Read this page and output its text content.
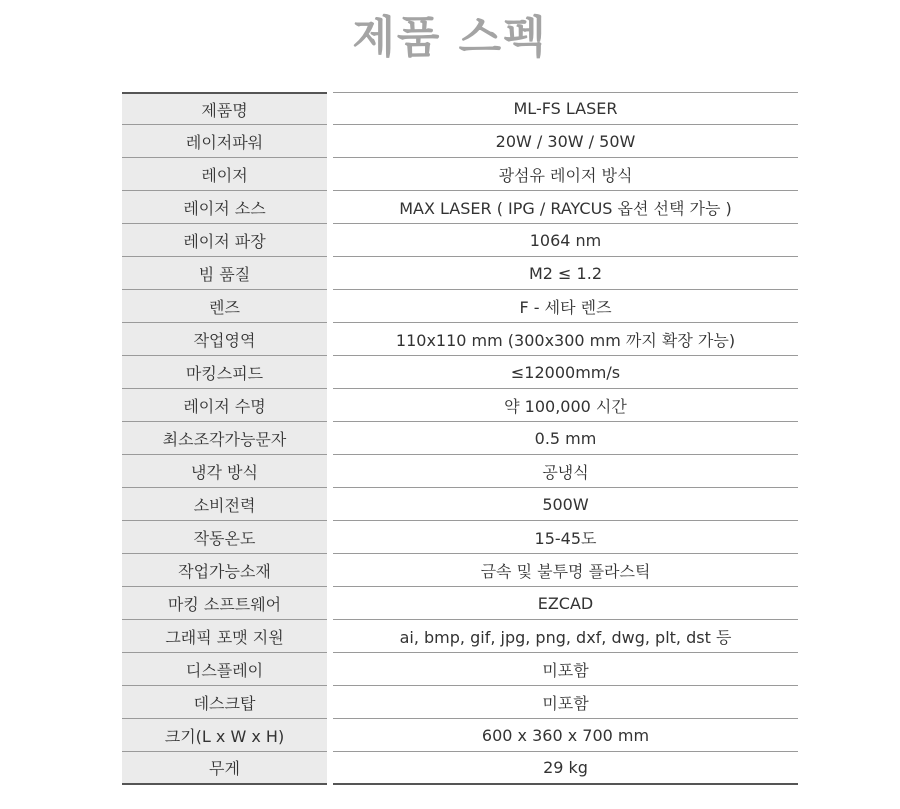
제품 스펙
제품명	ML-FS LASER
레이저파워	20W / 30W / 50W
레이저	광섬유 레이저 방식
레이저 소스	MAX LASER ( IPG / RAYCUS 옵션 선택 가능 )
레이저 파장	1064 nm
빔 품질	M2 ≤ 1.2
렌즈	F - 세타 렌즈
작업영역	110x110 mm (300x300 mm 까지 확장 가능)
마킹스피드	≤12000mm/s
레이저 수명	약 100,000 시간
최소조각가능문자	0.5 mm
냉각 방식	공냉식
소비전력	500W
작동온도	15-45도
작업가능소재	금속 및 불투명 플라스틱
마킹 소프트웨어	EZCAD
그래픽 포맷 지원	ai, bmp, gif, jpg, png, dxf, dwg, plt, dst 등
디스플레이	미포함
데스크탑	미포함
크기(L x W x H)	600 x 360 x 700 mm
무게	29 kg
